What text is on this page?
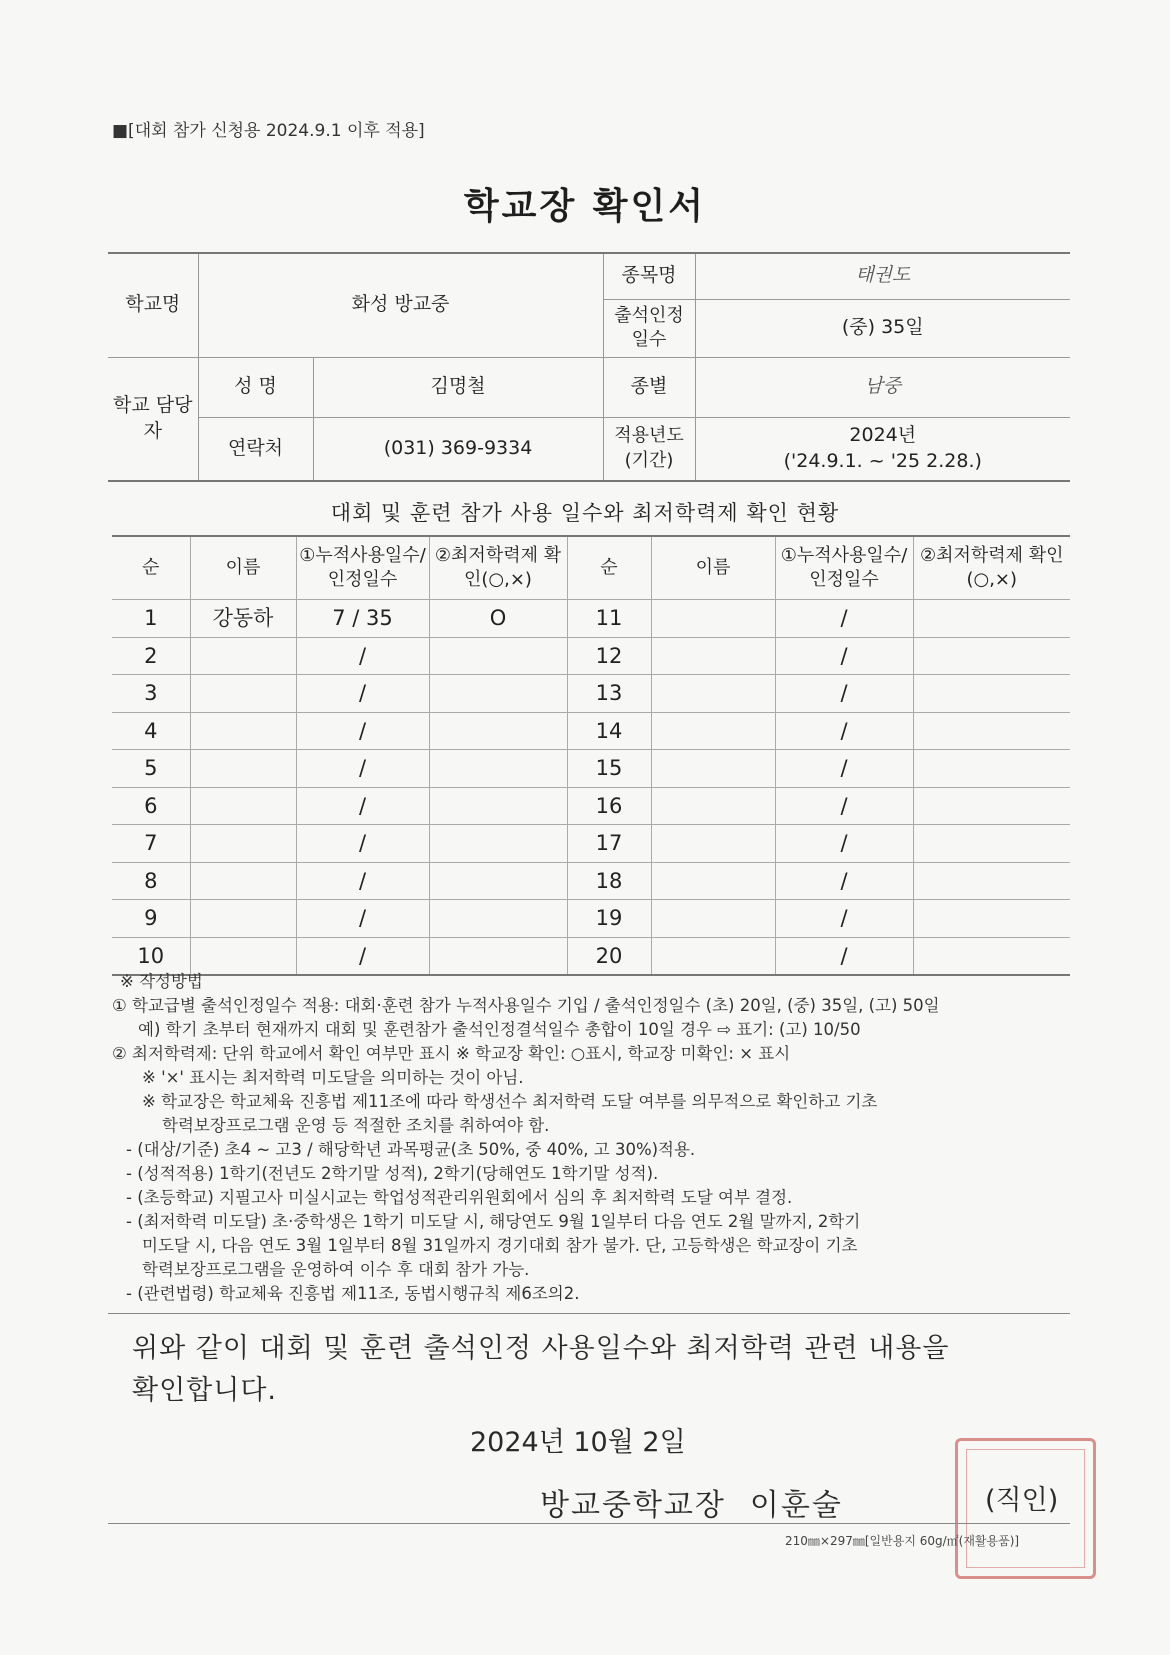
■[대회 참가 신청용 2024.9.1 이후 적용]
학교장 확인서
학교명	화성 방교중		종목명	태권도
			출석인정 일수	(중) 35일
학교 담당자	성 명	김명철	종별	남중
	연락처	(031) 369-9334	적용년도 (기간)	2024년
('24.9.1. ~ '25 2.28.)
대회 및 훈련 참가 사용 일수와 최저학력제 확인 현황
순	이름	①누적사용일수/인정일수	②최저학력제 확인(○,×)	순	이름	①누적사용일수/인정일수	②최저학력제 확인(○,×)
1	강동하	7 / 35	O	11		/	
2		/		12		/	
3		/		13		/	
4		/		14		/	
5		/		15		/	
6		/		16		/	
7		/		17		/	
8		/		18		/	
9		/		19		/	
10		/		20		/	
※ 작성방법
① 학교급별 출석인정일수 적용: 대회·훈련 참가 누적사용일수 기입 / 출석인정일수 (초) 20일, (중) 35일, (고) 50일
예) 학기 초부터 현재까지 대회 및 훈련참가 출석인정결석일수 총합이 10일 경우 ⇨ 표기: (고) 10/50
② 최저학력제: 단위 학교에서 확인 여부만 표시 ※ 학교장 확인: ○표시, 학교장 미확인: × 표시
※ '×' 표시는 최저학력 미도달을 의미하는 것이 아님.
※ 학교장은 학교체육 진흥법 제11조에 따라 학생선수 최저학력 도달 여부를 의무적으로 확인하고 기초
학력보장프로그램 운영 등 적절한 조치를 취하여야 함.
- (대상/기준) 초4 ~ 고3 / 해당학년 과목평균(초 50%, 중 40%, 고 30%)적용.
- (성적적용) 1학기(전년도 2학기말 성적), 2학기(당해연도 1학기말 성적).
- (초등학교) 지필고사 미실시교는 학업성적관리위원회에서 심의 후 최저학력 도달 여부 결정.
- (최저학력 미도달) 초·중학생은 1학기 미도달 시, 해당연도 9월 1일부터 다음 연도 2월 말까지, 2학기
미도달 시, 다음 연도 3월 1일부터 8월 31일까지 경기대회 참가 불가. 단, 고등학생은 학교장이 기초
학력보장프로그램을 운영하여 이수 후 대회 참가 가능.
- (관련법령) 학교체육 진흥법 제11조, 동법시행규칙 제6조의2.
위와 같이 대회 및 훈련 출석인정 사용일수와 최저학력 관련 내용을
확인합니다.
2024년 10월 2일
방교중학교장 이훈술	(직인)
210㎜×297㎜[일반용지 60g/㎡(재활용품)]
